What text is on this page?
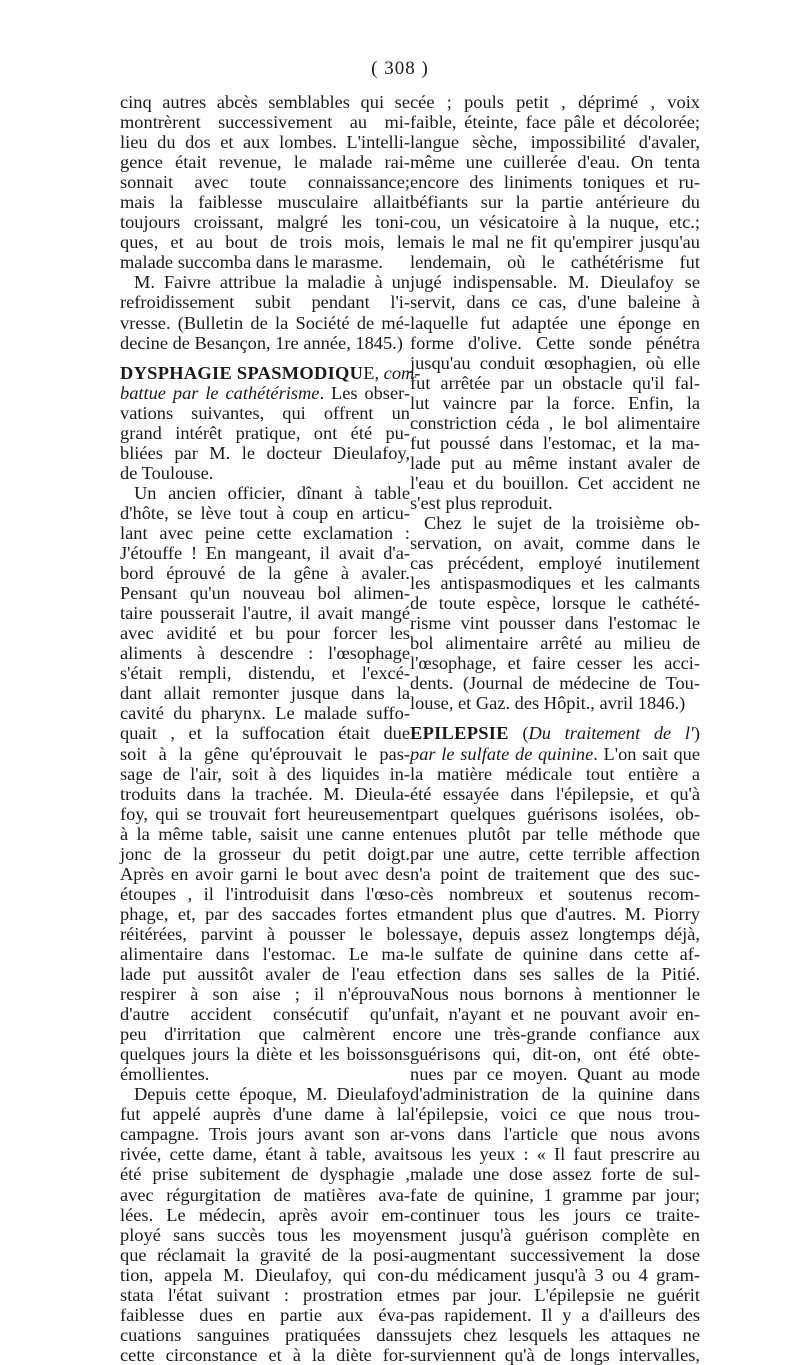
( 308 )
cinq autres abcès semblables qui se
montrèrent successivement au mi-
lieu du dos et aux lombes. L'intelli-
gence était revenue, le malade rai-
sonnait avec toute connaissance;
mais la faiblesse musculaire allait
toujours croissant, malgré les toni-
ques, et au bout de trois mois, le
malade succomba dans le marasme.
M. Faivre attribue la maladie à un
refroidissement subit pendant l'i-
vresse. (Bulletin de la Société de mé-
decine de Besançon, 1re année, 1845.)
DYSPHAGIE SPASMODIQUE, com-
battue par le cathétérisme. Les obser-
vations suivantes, qui offrent un
grand intérêt pratique, ont été pu-
bliées par M. le docteur Dieulafoy,
de Toulouse.
Un ancien officier, dînant à table
d'hôte, se lève tout à coup en articu-
lant avec peine cette exclamation :
J'étouffe ! En mangeant, il avait d'a-
bord éprouvé de la gêne à avaler.
Pensant qu'un nouveau bol alimen-
taire pousserait l'autre, il avait mangé
avec avidité et bu pour forcer les
aliments à descendre : l'œsophage
s'était rempli, distendu, et l'excé-
dant allait remonter jusque dans la
cavité du pharynx. Le malade suffo-
quait , et la suffocation était due
soit à la gêne qu'éprouvait le pas-
sage de l'air, soit à des liquides in-
troduits dans la trachée. M. Dieula-
foy, qui se trouvait fort heureusement
à la même table, saisit une canne en
jonc de la grosseur du petit doigt.
Après en avoir garni le bout avec des
étoupes , il l'introduisit dans l'œso-
phage, et, par des saccades fortes et
réitérées, parvint à pousser le bol
alimentaire dans l'estomac. Le ma-
lade put aussitôt avaler de l'eau et
respirer à son aise ; il n'éprouva
d'autre accident consécutif qu'un
peu d'irritation que calmèrent en
quelques jours la diète et les boissons
émollientes.
Depuis cette époque, M. Dieulafoy
fut appelé auprès d'une dame à la
campagne. Trois jours avant son ar-
rivée, cette dame, étant à table, avait
été prise subitement de dysphagie ,
avec régurgitation de matières ava-
lées. Le médecin, après avoir em-
ployé sans succès tous les moyens
que réclamait la gravité de la posi-
tion, appela M. Dieulafoy, qui con-
stata l'état suivant : prostration et
faiblesse dues en partie aux éva-
cuations sanguines pratiquées dans
cette circonstance et à la diète for-
cée ; pouls petit , déprimé , voix
faible, éteinte, face pâle et décolorée;
langue sèche, impossibilité d'avaler,
même une cuillerée d'eau. On tenta
encore des liniments toniques et ru-
béfiants sur la partie antérieure du
cou, un vésicatoire à la nuque, etc.;
mais le mal ne fit qu'empirer jusqu'au
lendemain, où le cathétérisme fut
jugé indispensable. M. Dieulafoy se
servit, dans ce cas, d'une baleine à
laquelle fut adaptée une éponge en
forme d'olive. Cette sonde pénétra
jusqu'au conduit œsophagien, où elle
fut arrêtée par un obstacle qu'il fal-
lut vaincre par la force. Enfin, la
constriction céda , le bol alimentaire
fut poussé dans l'estomac, et la ma-
lade put au même instant avaler de
l'eau et du bouillon. Cet accident ne
s'est plus reproduit.
Chez le sujet de la troisième ob-
servation, on avait, comme dans le
cas précédent, employé inutilement
les antispasmodiques et les calmants
de toute espèce, lorsque le cathété-
risme vint pousser dans l'estomac le
bol alimentaire arrêté au milieu de
l'œsophage, et faire cesser les acci-
dents. (Journal de médecine de Tou-
louse, et Gaz. des Hôpit., avril 1846.)
EPILEPSIE (Du traitement de l')
par le sulfate de quinine. L'on sait que
la matière médicale tout entière a
été essayée dans l'épilepsie, et qu'à
part quelques guérisons isolées, ob-
tenues plutôt par telle méthode que
par une autre, cette terrible affection
n'a point de traitement que des suc-
cès nombreux et soutenus recom-
mandent plus que d'autres. M. Piorry
essaye, depuis assez longtemps déjà,
le sulfate de quinine dans cette af-
fection dans ses salles de la Pitié.
Nous nous bornons à mentionner le
fait, n'ayant et ne pouvant avoir en-
core une très-grande confiance aux
guérisons qui, dit-on, ont été obte-
nues par ce moyen. Quant au mode
d'administration de la quinine dans
l'épilepsie, voici ce que nous trou-
vons dans l'article que nous avons
sous les yeux : « Il faut prescrire au
malade une dose assez forte de sul-
fate de quinine, 1 gramme par jour;
continuer tous les jours ce traite-
ment jusqu'à guérison complète en
augmentant successivement la dose
du médicament jusqu'à 3 ou 4 gram-
mes par jour. L'épilepsie ne guérit
pas rapidement. Il y a d'ailleurs des
sujets chez lesquels les attaques ne
surviennent qu'à de longs intervalles,
